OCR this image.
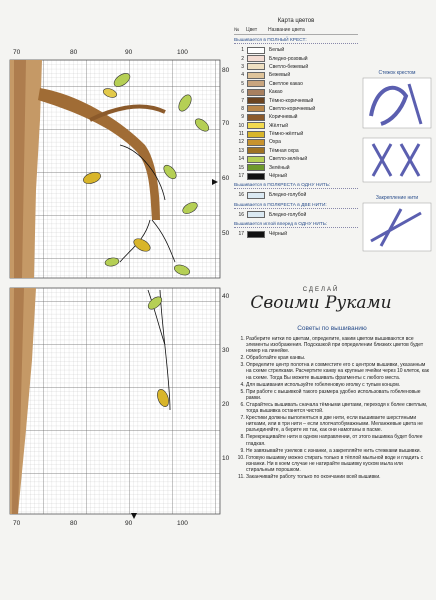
70	80	90	100
70	80	90	100
80
70
60
50
40
30
20
10
Карта цветов
№	Цвет	Название цвета
Вышивается в ПОЛНЫЙ КРЕСТ:
1	Белый
2	Бледно-розовый
3	Светло-бежевый
4	Бежевый
5	Светлое какао
6	Какао
7	Тёмно-коричневый
8	Светло-коричневый
9	Коричневый
10	Жёлтый
11	Тёмно-жёлтый
12	Охра
13	Тёмная охра
14	Светло-зелёный
15	Зелёный
17	Чёрный
Вышивается в ПОЛКРЕСТА в ОДНУ НИТЬ:
16	Бледно-голубой
Вышивается в ПОЛКРЕСТА в ДВЕ НИТИ:
16	Бледно-голубой
Вышивается иглой вперед в ОДНУ НИТЬ:
17	Чёрный
Стежок крестом

Закрепление нити
СДЕЛАЙ
Своими Руками
Советы по вышиванию
1. Разберите нитки по цветам, определите, каким цветом вышиваются все элементы изображения. Подсказкой при определении близких цветов будет номер на линейке.
2. Обработайте края канвы.
3. Определите центр полотна и совместите его с центром вышивки, указанным на схеме стрелками. Расчертите канву на крупные ячейки через 10 клеток, как на схеме. Тогда Вы можете вышивать фрагменты с любого места.
4. Для вышивания используйте гобеленовую иголку с тупым концом.
5. При работе с вышивкой такого размера удобно использовать гобеленовые рамки.
6. Старайтесь вышивать сначала тёмными цветами, переходя к более светлым, тогда вышивка останется чистой.
7. Крестики должны выполняться в две нити, если вышиваете шерстяными нитками, или в три нити – если хлопчатобумажными. Меланжевые цвета не разъединяйте, а берите их так, как они намотаны в пасме.
8. Перекрещивайте нити в одном направлении, от этого вышивка будет более гладкая.
9. Не завязывайте узелков с изнанки, а закрепляйте нить стежками вышивки.
10. Готовую вышивку можно стирать только в тёплой мыльной воде и гладить с изнанки. Ни в коем случае не натирайте вышивку куском мыла или стиральным порошком.
11. Заканчивайте работу только по окончании всей вышивки.
